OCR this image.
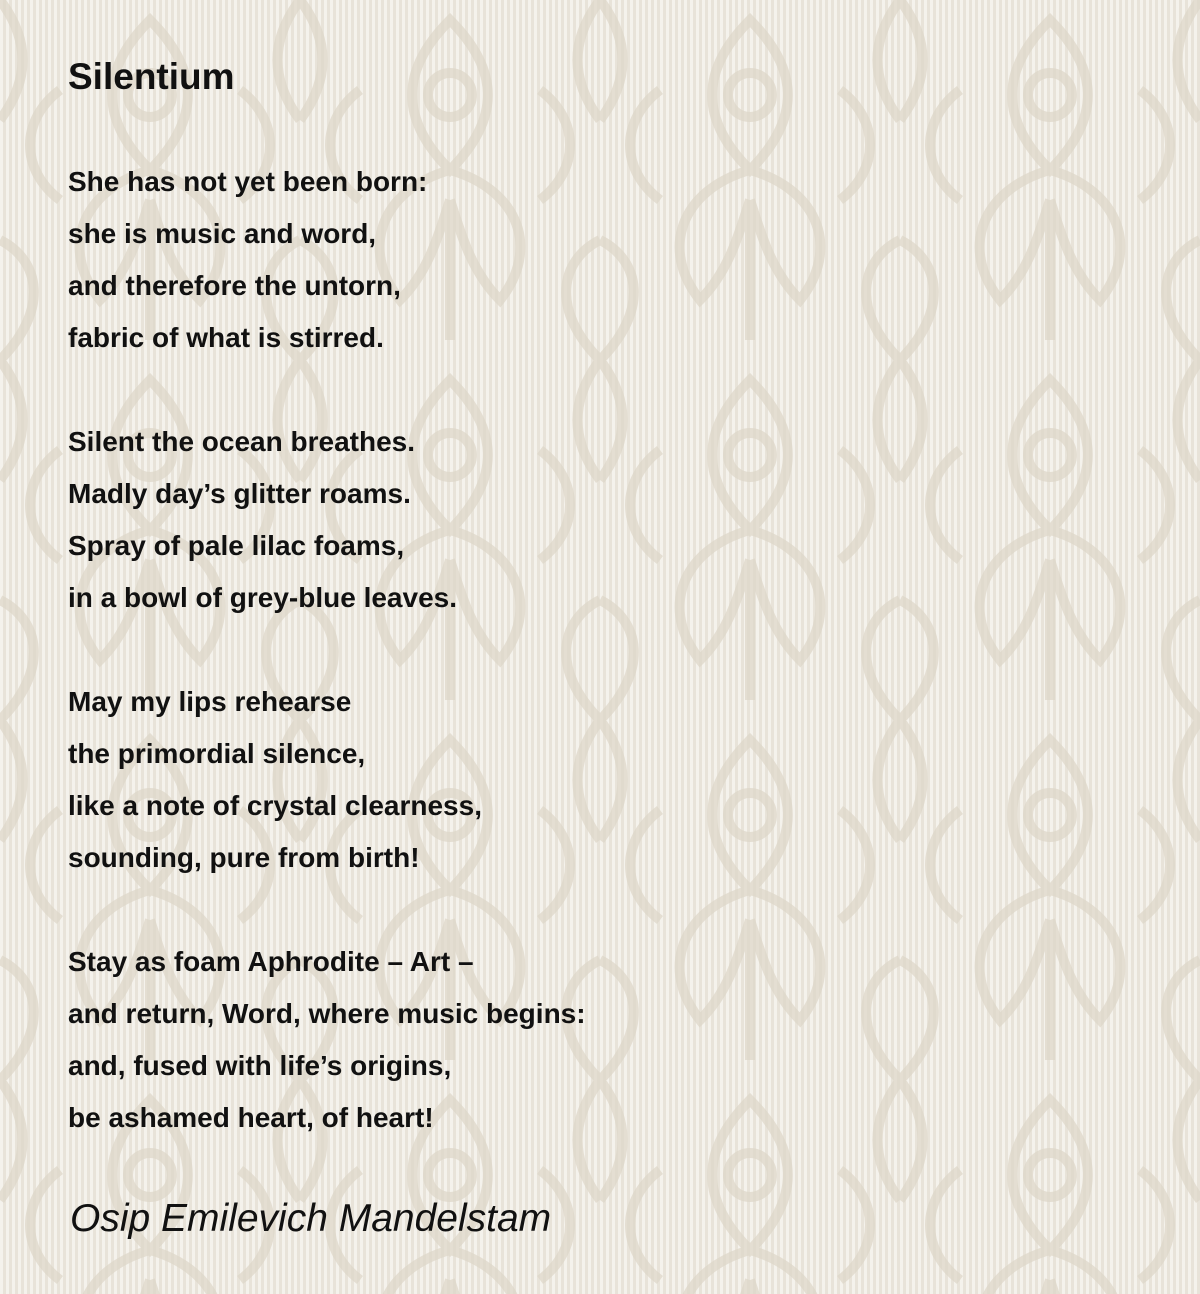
Silentium
She has not yet been born:
she is music and word,
and therefore the untorn,
fabric of what is stirred.
Silent the ocean breathes.
Madly day’s glitter roams.
Spray of pale lilac foams,
in a bowl of grey-blue leaves.
May my lips rehearse
the primordial silence,
like a note of crystal clearness,
sounding, pure from birth!
Stay as foam Aphrodite – Art –
and return, Word, where music begins:
and, fused with life’s origins,
be ashamed heart, of heart!

Osip Emilevich Mandelstam
